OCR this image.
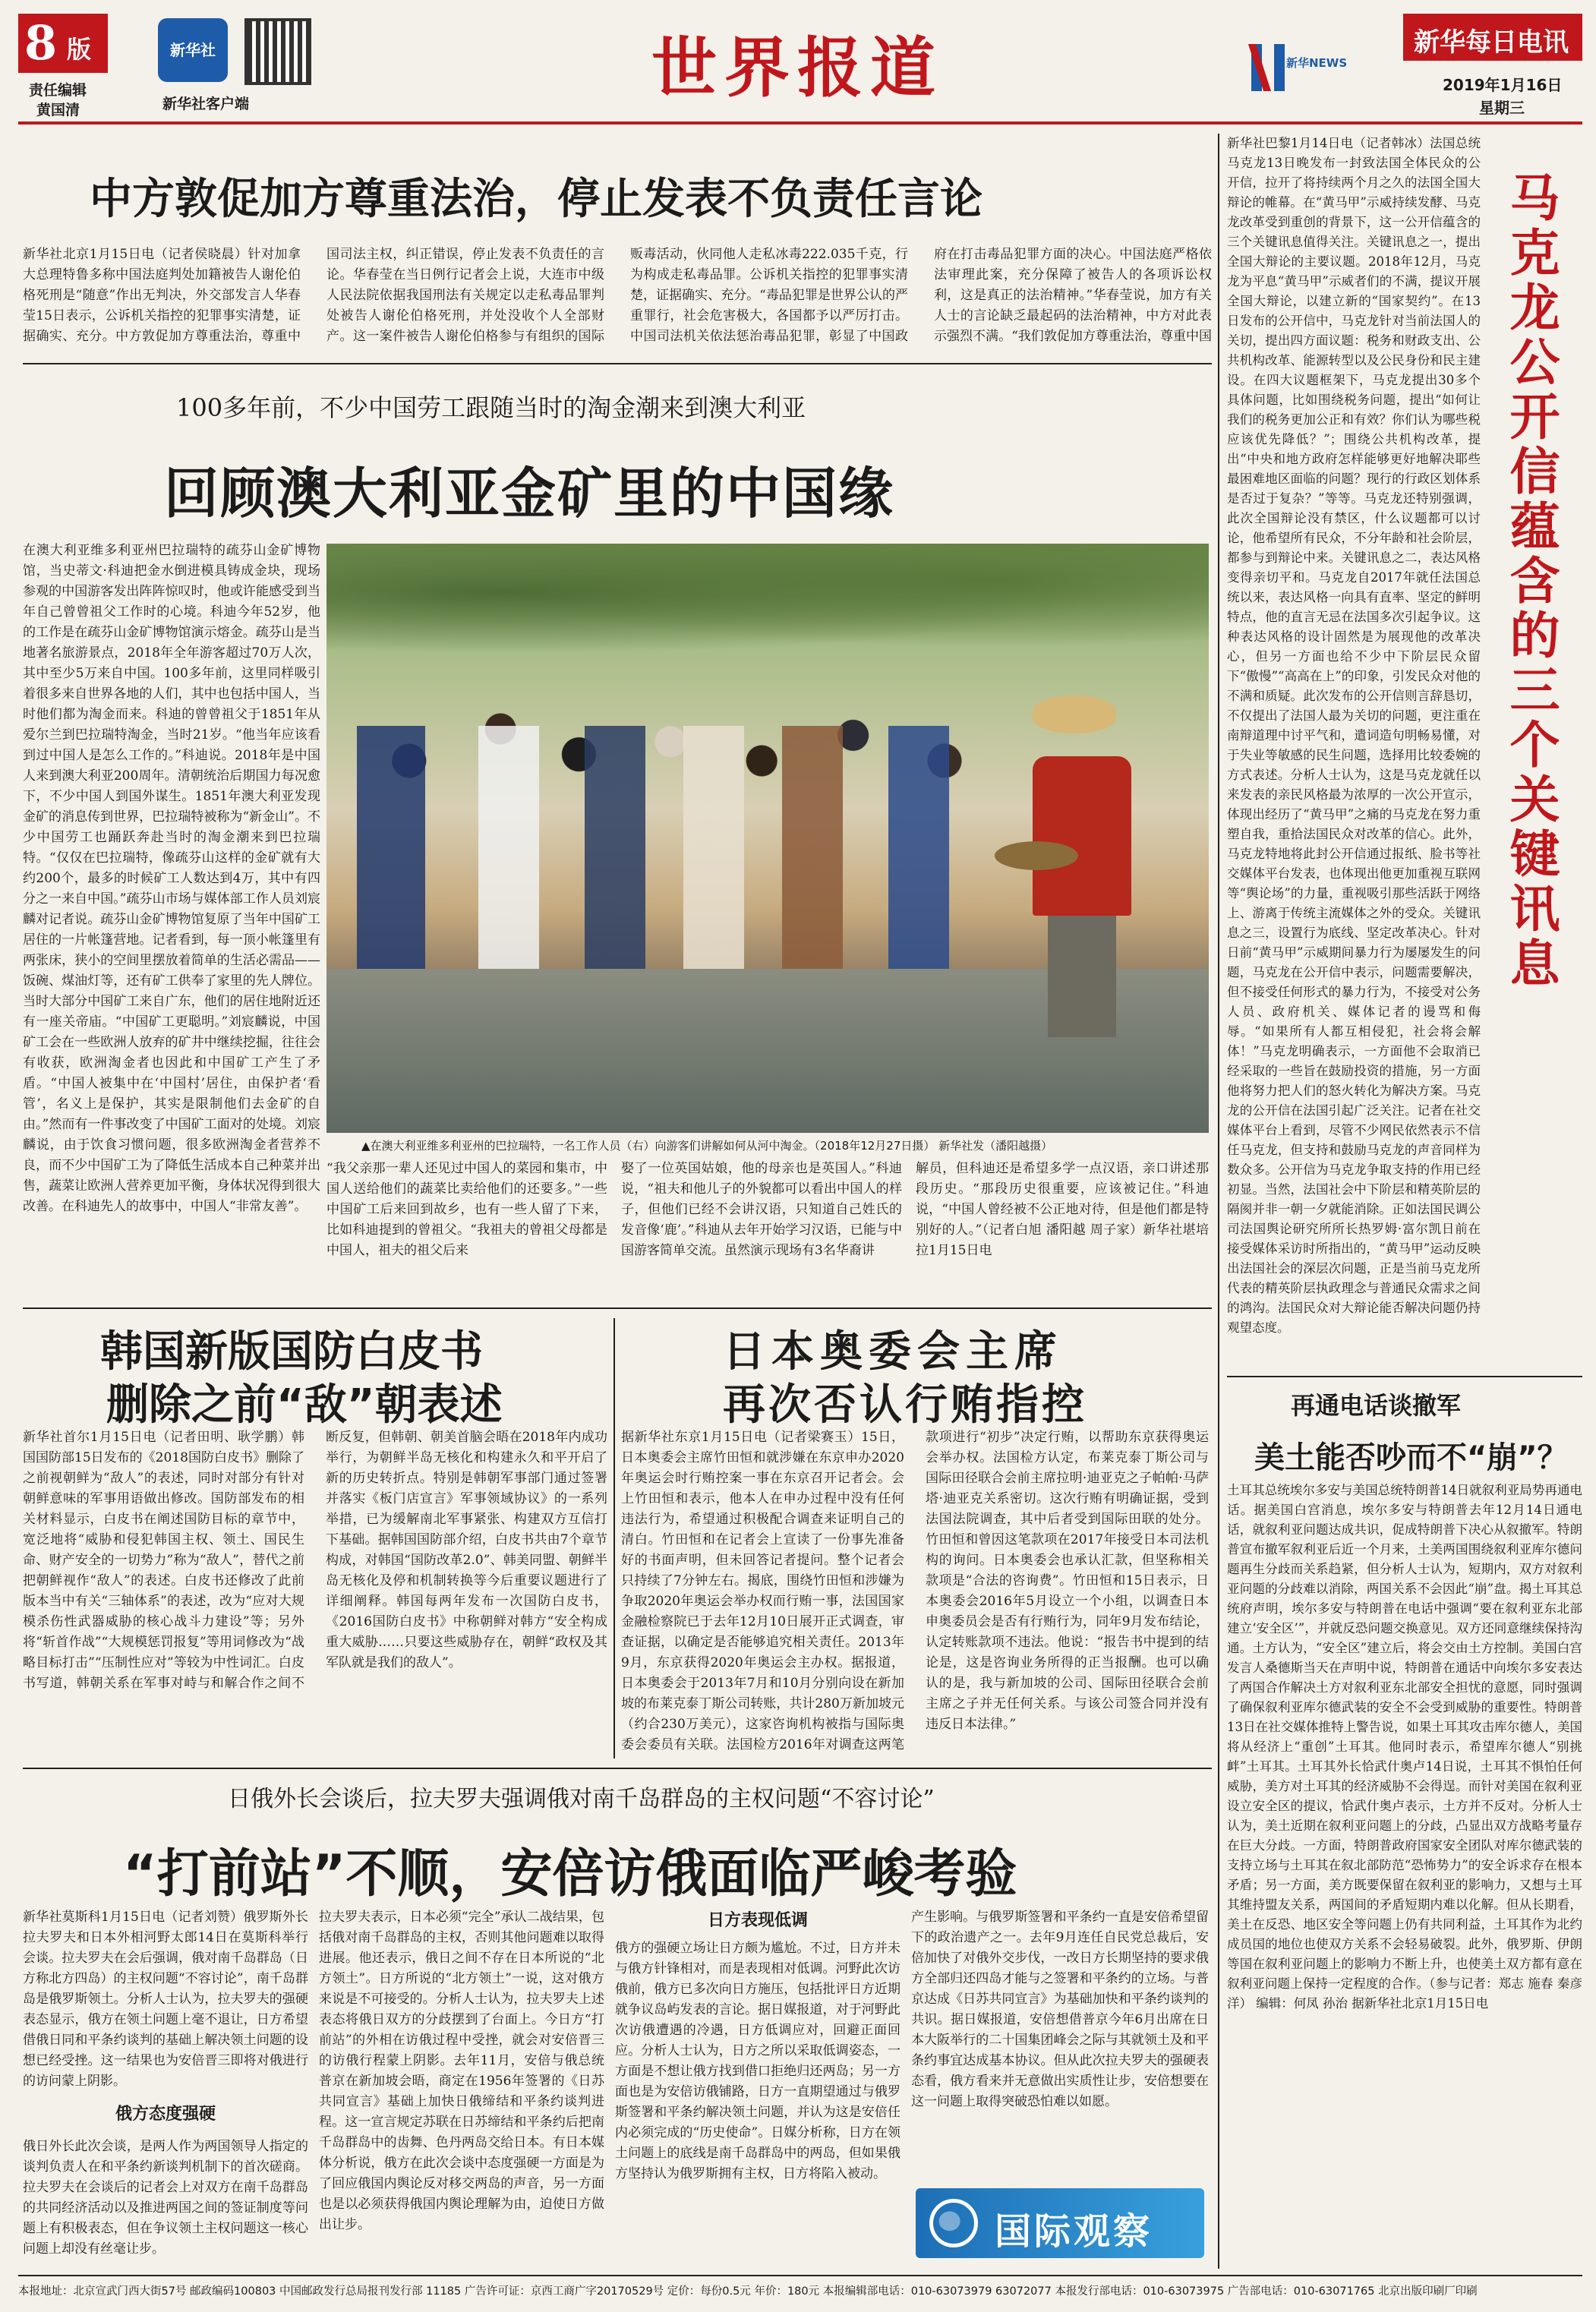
8 版
责任编辑
黄国清
新华社
新华社客户端	世界报道	新华NEWS
新华每日电讯
2019年1月16日
星期三
中方敦促加方尊重法治，停止发表不负责任言论
新华社北京1月15日电（记者侯晓晨）针对加拿大总理特鲁多称中国法庭判处加籍被告人谢伦伯格死刑是“随意”作出无判决，外交部发言人华春莹15日表示，公诉机关指控的犯罪事实清楚，证据确实、充分。中方敦促加方尊重法治，尊重中国司法主权，纠正错误，停止发表不负责任的言论。华春莹在当日例行记者会上说，大连市中级人民法院依据我国刑法有关规定以走私毒品罪判处被告人谢伦伯格死刑，并处没收个人全部财产。这一案件被告人谢伦伯格参与有组织的国际贩毒活动，伙同他人走私冰毒222.035千克，行为构成走私毒品罪。公诉机关指控的犯罪事实清楚，证据确实、充分。“毒品犯罪是世界公认的严重罪行，社会危害极大，各国都予以严厉打击。中国司法机关依法惩治毒品犯罪，彰显了中国政府在打击毒品犯罪方面的决心。中国法庭严格依法审理此案，充分保障了被告人的各项诉讼权利，这是真正的法治精神。”华春莹说，加方有关人士的言论缺乏最起码的法治精神，中方对此表示强烈不满。“我们敦促加方尊重法治，尊重中国
100多年前，不少中国劳工跟随当时的淘金潮来到澳大利亚
回顾澳大利亚金矿里的中国缘
在澳大利亚维多利亚州巴拉瑞特的疏芬山金矿博物馆，当史蒂文·科迪把金水倒进模具铸成金块，现场参观的中国游客发出阵阵惊叹时，他或许能感受到当年自己曾曾祖父工作时的心境。科迪今年52岁，他的工作是在疏芬山金矿博物馆演示熔金。疏芬山是当地著名旅游景点，2018年全年游客超过70万人次，其中至少5万来自中国。100多年前，这里同样吸引着很多来自世界各地的人们，其中也包括中国人，当时他们都为淘金而来。科迪的曾曾祖父于1851年从爱尔兰到巴拉瑞特淘金，当时21岁。“他当年应该看到过中国人是怎么工作的。”科迪说。2018年是中国人来到澳大利亚200周年。清朝统治后期国力每况愈下，不少中国人到国外谋生。1851年澳大利亚发现金矿的消息传到世界，巴拉瑞特被称为“新金山”。不少中国劳工也踊跃奔赴当时的淘金潮来到巴拉瑞特。“仅仅在巴拉瑞特，像疏芬山这样的金矿就有大约200个，最多的时候矿工人数达到4万，其中有四分之一来自中国。”疏芬山市场与媒体部工作人员刘宸麟对记者说。疏芬山金矿博物馆复原了当年中国矿工居住的一片帐篷营地。记者看到，每一顶小帐篷里有两张床，狭小的空间里摆放着简单的生活必需品——饭碗、煤油灯等，还有矿工供奉了家里的先人牌位。当时大部分中国矿工来自广东，他们的居住地附近还有一座关帝庙。“中国矿工更聪明。”刘宸麟说，中国矿工会在一些欧洲人放弃的矿井中继续挖掘，往往会有收获，欧洲淘金者也因此和中国矿工产生了矛盾。“中国人被集中在‘中国村’居住，由保护者‘看管’，名义上是保护，其实是限制他们去金矿的自由。”然而有一件事改变了中国矿工面对的处境。刘宸麟说，由于饮食习惯问题，很多欧洲淘金者营养不良，而不少中国矿工为了降低生活成本自己种菜并出售，蔬菜让欧洲人营养更加平衡，身体状况得到很大改善。在科迪先人的故事中，中国人“非常友善”。
▲在澳大利亚维多利亚州的巴拉瑞特，一名工作人员（右）向游客们讲解如何从河中淘金。（2018年12月27日摄） 新华社发（潘阳越摄）
“我父亲那一辈人还见过中国人的菜园和集市，中国人送给他们的蔬菜比卖给他们的还要多。”一些中国矿工后来回到故乡，也有一些人留了下来，比如科迪提到的曾祖父。“我祖夫的曾祖父母都是中国人，祖夫的祖父后来
娶了一位英国姑娘，他的母亲也是英国人。”科迪说，“祖夫和他儿子的外貌都可以看出中国人的样子，但他们已经不会讲汉语，只知道自己姓氏的发音像‘鹿’。”科迪从去年开始学习汉语，已能与中国游客简单交流。虽然演示现场有3名华裔讲
解员，但科迪还是希望多学一点汉语，亲口讲述那段历史。“那段历史很重要，应该被记住。”科迪说，“中国人曾经被不公正地对待，但是他们都是特别好的人。”（记者白旭 潘阳越 周子家）新华社堪培拉1月15日电
韩国新版国防白皮书
删除之前“敌”朝表述
新华社首尔1月15日电（记者田明、耿学鹏）韩国国防部15日发布的《2018国防白皮书》删除了之前视朝鲜为“敌人”的表述，同时对部分有针对朝鲜意味的军事用语做出修改。国防部发布的相关材料显示，白皮书在阐述国防目标的章节中，宽泛地将“威胁和侵犯韩国主权、领土、国民生命、财产安全的一切势力”称为“敌人”，替代之前把朝鲜视作“敌人”的表述。白皮书还修改了此前版本当中有关“三轴体系”的表述，改为“应对大规模杀伤性武器威胁的核心战斗力建设”等；另外将“斩首作战”“大规模惩罚报复”等用词修改为“战略目标打击”“压制性应对”等较为中性词汇。白皮书写道，韩朝关系在军事对峙与和解合作之间不断反复，但韩朝、朝美首脑会晤在2018年内成功举行，为朝鲜半岛无核化和构建永久和平开启了新的历史转折点。特别是韩朝军事部门通过签署并落实《板门店宣言》军事领域协议》的一系列举措，已为缓解南北军事紧张、构建双方互信打下基础。据韩国国防部介绍，白皮书共由7个章节构成，对韩国“国防改革2.0”、韩美同盟、朝鲜半岛无核化及停和机制转换等今后重要议题进行了详细阐释。韩国每两年发布一次国防白皮书，《2016国防白皮书》中称朝鲜对韩方“安全构成重大威胁……只要这些威胁存在，朝鲜“政权及其军队就是我们的敌人”。
日本奥委会主席
再次否认行贿指控
据新华社东京1月15日电（记者梁赛玉）15日，日本奥委会主席竹田恒和就涉嫌在东京申办2020年奥运会时行贿控案一事在东京召开记者会。会上竹田恒和表示，他本人在申办过程中没有任何违法行为，希望通过积极配合调查来证明自己的清白。竹田恒和在记者会上宣读了一份事先准备好的书面声明，但未回答记者提问。整个记者会只持续了7分钟左右。揭底，围绕竹田恒和涉嫌为争取2020年奥运会举办权而行贿一事，法国国家金融检察院已于去年12月10日展开正式调查，审查证据，以确定是否能够追究相关责任。2013年9月，东京获得2020年奥运会主办权。据报道，日本奥委会于2013年7月和10月分别向设在新加坡的布莱克泰丁斯公司转账，共计280万新加坡元（约合230万美元），这家咨询机构被指与国际奥委会委员有关联。法国检方2016年对调查这两笔款项进行“初步”决定行贿，以帮助东京获得奥运会举办权。法国检方认定，布莱克泰丁斯公司与国际田径联合会前主席拉明·迪亚克之子帕帕·马萨塔·迪亚克关系密切。这次行贿有明确证据，受到法国法院调查，其中后者受到国际田联的处分。竹田恒和曾因这笔款项在2017年接受日本司法机构的询问。日本奥委会也承认汇款，但坚称相关款项是“合法的咨询费”。竹田恒和15日表示，日本奥委会2016年5月设立一个小组，以调查日本申奥委员会是否有行贿行为，同年9月发布结论，认定转账款项不违法。他说：“报告书中提到的结论是，这是咨询业务所得的正当报酬。也可以确认的是，我与新加坡的公司、国际田径联合会前主席之子并无任何关系。与该公司签合同并没有违反日本法律。”
日俄外长会谈后，拉夫罗夫强调俄对南千岛群岛的主权问题“不容讨论”
“打前站”不顺，安倍访俄面临严峻考验
新华社莫斯科1月15日电（记者刘赞）俄罗斯外长拉夫罗夫和日本外相河野太郎14日在莫斯科举行会谈。拉夫罗夫在会后强调，俄对南千岛群岛（日方称北方四岛）的主权问题“不容讨论”，南千岛群岛是俄罗斯领土。分析人士认为，拉夫罗夫的强硬表态显示，俄方在领土问题上毫不退让，日方希望借俄日同和平条约谈判的基础上解决领土问题的设想已经受挫。这一结果也为安倍晋三即将对俄进行的访问蒙上阴影。
俄方态度强硬
俄日外长此次会谈，是两人作为两国领导人指定的谈判负责人在和平条约新谈判机制下的首次磋商。拉夫罗夫在会谈后的记者会上对双方在南千岛群岛的共同经济活动以及推进两国之间的签证制度等问题上有积极表态，但在争议领土主权问题这一核心问题上却没有丝毫让步。
拉夫罗夫表示，日本必须“完全”承认二战结果，包括俄对南千岛群岛的主权，否则其他问题难以取得进展。他还表示，俄日之间不存在日本所说的“北方领土”。日方所说的“北方领土”一说，这对俄方来说是不可接受的。分析人士认为，拉夫罗夫上述表态将俄日双方的分歧摆到了台面上。今日方“打前站”的外相在访俄过程中受挫，就会对安倍晋三的访俄行程蒙上阴影。去年11月，安倍与俄总统普京在新加坡会晤，商定在1956年签署的《日苏共同宣言》基础上加快日俄缔结和平条约谈判进程。这一宣言规定苏联在日苏缔结和平条约后把南千岛群岛中的齿舞、色丹两岛交给日本。有日本媒体分析说，俄方在此次会谈中态度强硬一方面是为了回应俄国内舆论反对移交两岛的声音，另一方面也是以必须获得俄国内舆论理解为由，迫使日方做出让步。
日方表现低调
俄方的强硬立场让日方颇为尴尬。不过，日方并未与俄方针锋相对，而是表现相对低调。河野此次访俄前，俄方已多次向日方施压，包括批评日方近期就争议岛屿发表的言论。据日媒报道，对于河野此次访俄遭遇的冷遇，日方低调应对，回避正面回应。分析人士认为，日方之所以采取低调姿态，一方面是不想让俄方找到借口拒绝归还两岛；另一方面也是为安倍访俄铺路，日方一直期望通过与俄罗斯签署和平条约解决领土问题，并认为这是安倍任内必须完成的“历史使命”。日媒分析称，日方在领土问题上的底线是南千岛群岛中的两岛，但如果俄方坚持认为俄罗斯拥有主权，日方将陷入被动。
产生影响。与俄罗斯签署和平条约一直是安倍希望留下的政治遗产之一。去年9月连任自民党总裁后，安倍加快了对俄外交步伐，一改日方长期坚持的要求俄方全部归还四岛才能与之签署和平条约的立场。与普京达成《日苏共同宣言》为基础加快和平条约谈判的共识。据日媒报道，安倍想借普京今年6月出席在日本大阪举行的二十国集团峰会之际与其就领土及和平条约事宜达成基本协议。但从此次拉夫罗夫的强硬表态看，俄方看来并无意做出实质性让步，安倍想要在这一问题上取得突破恐怕难以如愿。
国际观察
新华社巴黎1月14日电（记者韩冰）法国总统马克龙13日晚发布一封致法国全体民众的公开信，拉开了将持续两个月之久的法国全国大辩论的帷幕。在“黄马甲”示威持续发酵、马克龙改革受到重创的背景下，这一公开信蕴含的三个关键讯息值得关注。关键讯息之一，提出全国大辩论的主要议题。2018年12月，马克龙为平息“黄马甲”示威者们的不满，提议开展全国大辩论，以建立新的“国家契约”。在13日发布的公开信中，马克龙针对当前法国人的关切，提出四方面议题：税务和财政支出、公共机构改革、能源转型以及公民身份和民主建设。在四大议题框架下，马克龙提出30多个具体问题，比如围绕税务问题，提出“如何让我们的税务更加公正和有效？你们认为哪些税应该优先降低？”；围绕公共机构改革，提出“中央和地方政府怎样能够更好地解决耶些最困难地区面临的问题？现行的行政区划体系是否过于复杂？”等等。马克龙还特别强调，此次全国辩论没有禁区，什么议题都可以讨论，他希望所有民众，不分年龄和社会阶层，都参与到辩论中来。关键讯息之二，表达风格变得亲切平和。马克龙自2017年就任法国总统以来，表达风格一向具有直率、坚定的鲜明特点，他的直言无忌在法国多次引起争议。这种表达风格的设计固然是为展现他的改革决心，但另一方面也给不少中下阶层民众留下“傲慢”“高高在上”的印象，引发民众对他的不满和质疑。此次发布的公开信则言辞恳切，不仅提出了法国人最为关切的问题，更注重在南辩道理中讨平气和，遣词造句明畅易懂，对于失业等敏感的民生问题，选择用比较委婉的方式表述。分析人士认为，这是马克龙就任以来发表的亲民风格最为浓厚的一次公开宣示，体现出经历了“黄马甲”之痛的马克龙在努力重塑自我，重拾法国民众对改革的信心。此外，马克龙特地将此封公开信通过报纸、脸书等社交媒体平台发表，也体现出他更加重视互联网等“舆论场”的力量，重视吸引那些活跃于网络上、游离于传统主流媒体之外的受众。关键讯息之三，设置行为底线、坚定改革决心。针对日前“黄马甲”示威期间暴力行为屡屡发生的问题，马克龙在公开信中表示，问题需要解决，但不接受任何形式的暴力行为，不接受对公务人员、政府机关、媒体记者的谩骂和侮辱。“如果所有人都互相侵犯，社会将会解体！”马克龙明确表示，一方面他不会取消已经采取的一些旨在鼓励投资的措施，另一方面他将努力把人们的怒火转化为解决方案。马克龙的公开信在法国引起广泛关注。记者在社交媒体平台上看到，尽管不少网民依然表示不信任马克龙，但支持和鼓励马克龙的声音同样为数众多。公开信为马克龙争取支持的作用已经初显。当然，法国社会中下阶层和精英阶层的隔阂并非一朝一夕就能消除。正如法国民调公司法国舆论研究所所长热罗姆·富尔凯日前在接受媒体采访时所指出的，“黄马甲”运动反映出法国社会的深层次问题，正是当前马克龙所代表的精英阶层执政理念与普通民众需求之间的鸿沟。法国民众对大辩论能否解决问题仍持观望态度。
马克龙公开信蕴含的三个关键讯息
再通电话谈撤军
美土能否吵而不“崩”？
土耳其总统埃尔多安与美国总统特朗普14日就叙利亚局势再通电话。据美国白宫消息，埃尔多安与特朗普去年12月14日通电话，就叙利亚问题达成共识，促成特朗普下决心从叙撤军。特朗普宣布撤军叙利亚后近一个月来，土美两国围绕叙利亚库尔德问题再生分歧而关系趋紧，但分析人士认为，短期内，双方对叙利亚问题的分歧难以消除，两国关系不会因此“崩”盘。揭土耳其总统府声明，埃尔多安与特朗普在电话中强调“要在叙利亚东北部建立‘安全区’”，并就反恐问题交换意见。双方还同意继续保持沟通。土方认为，“安全区”建立后，将会交由土方控制。美国白宫发言人桑德斯当天在声明中说，特朗普在通话中向埃尔多安表达了两国合作解决土方对叙利亚东北部安全担忧的意愿，同时强调了确保叙利亚库尔德武装的安全不会受到威胁的重要性。特朗普13日在社交媒体推特上警告说，如果土耳其攻击库尔德人，美国将从经济上“重创”土耳其。他同时表示，希望库尔德人“别挑衅”土耳其。土耳其外长恰武什奥卢14日说，土耳其不惧怕任何威胁，美方对土耳其的经济威胁不会得逞。而针对美国在叙利亚设立安全区的提议，恰武什奥卢表示，土方并不反对。分析人士认为，美土近期在叙利亚问题上的分歧，凸显出双方战略考量存在巨大分歧。一方面，特朗普政府国家安全团队对库尔德武装的支持立场与土耳其在叙北部防范“恐怖势力”的安全诉求存在根本矛盾；另一方面，美方既要保留在叙利亚的影响力，又想与土耳其维持盟友关系，两国间的矛盾短期内难以化解。但从长期看，美土在反恐、地区安全等问题上仍有共同利益，土耳其作为北约成员国的地位也使双方关系不会轻易破裂。此外，俄罗斯、伊朗等国在叙利亚问题上的影响力不断上升，也使美土双方都有意在叙利亚问题上保持一定程度的合作。（参与记者：郑志 施春 秦彦洋） 编辑：何凤 孙治 据新华社北京1月15日电
本报地址：北京宣武门西大街57号 邮政编码100803 中国邮政发行总局报刊发行部 11185 广告许可证：京西工商广字20170529号 定价：每份0.5元 年价：180元 本报编辑部电话：010-63073979 63072077 本报发行部电话：010-63073975 广告部电话：010-63071765 北京出版印刷厂印刷
